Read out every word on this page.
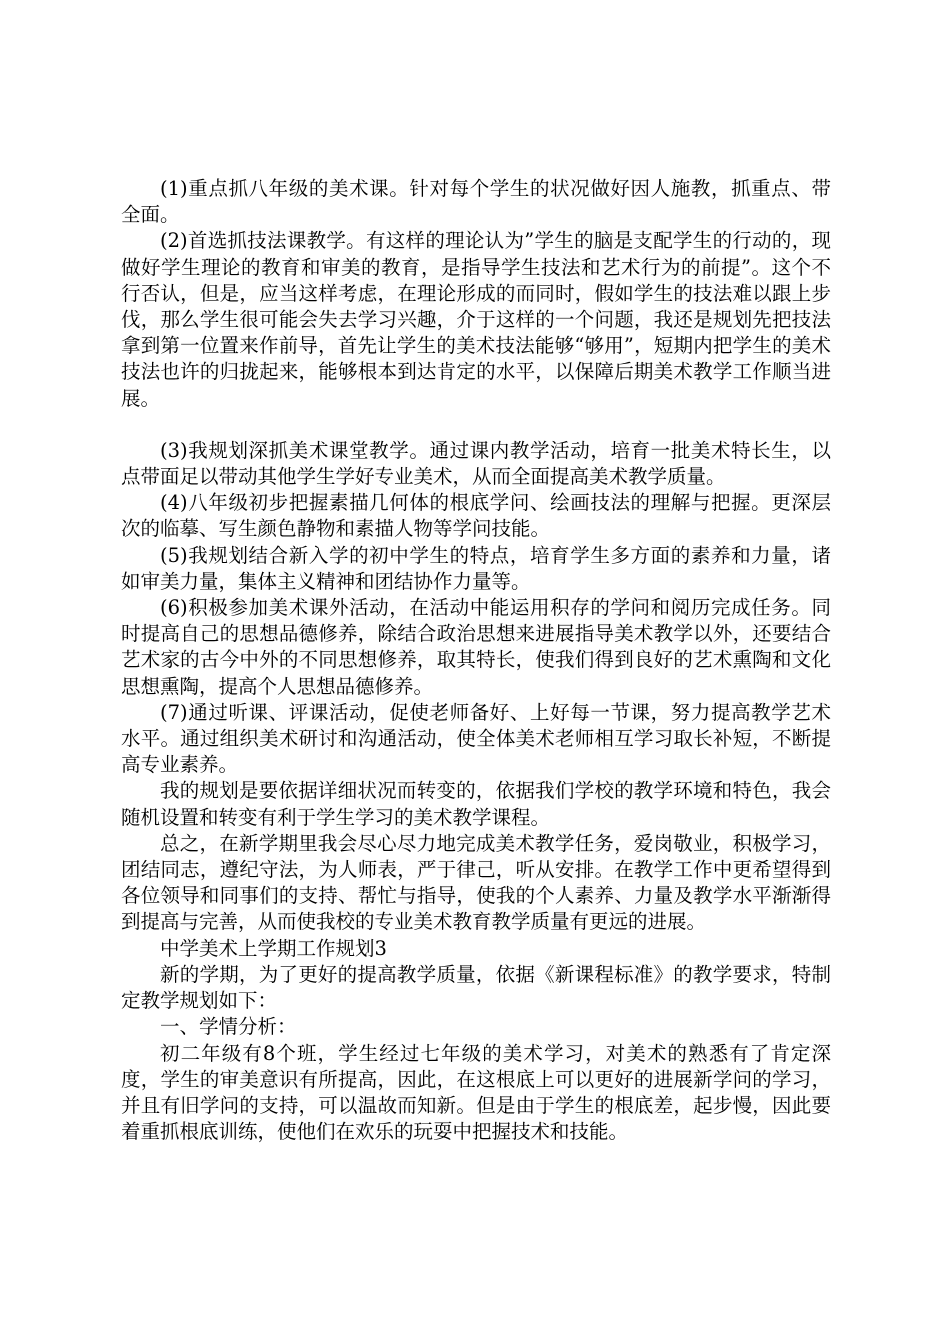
(1)重点抓八年级的美术课。针对每个学生的状况做好因人施教，抓重点、带全面。

(2)首选抓技法课教学。有这样的理论认为”学生的脑是支配学生的行动的，现做好学生理论的教育和审美的教育，是指导学生技法和艺术行为的前提”。这个不行否认，但是，应当这样考虑，在理论形成的而同时，假如学生的技法难以跟上步伐，那么学生很可能会失去学习兴趣，介于这样的一个问题，我还是规划先把技法拿到第一位置来作前导，首先让学生的美术技法能够“够用”，短期内把学生的美术技法也许的归拢起来，能够根本到达肯定的水平，以保障后期美术教学工作顺当进展。

(3)我规划深抓美术课堂教学。通过课内教学活动，培育一批美术特长生，以点带面足以带动其他学生学好专业美术，从而全面提高美术教学质量。

(4)八年级初步把握素描几何体的根底学问、绘画技法的理解与把握。更深层次的临摹、写生颜色静物和素描人物等学问技能。

(5)我规划结合新入学的初中学生的特点，培育学生多方面的素养和力量，诸如审美力量，集体主义精神和团结协作力量等。

(6)积极参加美术课外活动，在活动中能运用积存的学问和阅历完成任务。同时提高自己的思想品德修养，除结合政治思想来进展指导美术教学以外，还要结合艺术家的古今中外的不同思想修养，取其特长，使我们得到良好的艺术熏陶和文化思想熏陶，提高个人思想品德修养。

(7)通过听课、评课活动，促使老师备好、上好每一节课，努力提高教学艺术水平。通过组织美术研讨和沟通活动，使全体美术老师相互学习取长补短，不断提高专业素养。

我的规划是要依据详细状况而转变的，依据我们学校的教学环境和特色，我会随机设置和转变有利于学生学习的美术教学课程。

总之，在新学期里我会尽心尽力地完成美术教学任务，爱岗敬业，积极学习，团结同志，遵纪守法，为人师表，严于律己，听从安排。在教学工作中更希望得到各位领导和同事们的支持、帮忙与指导，使我的个人素养、力量及教学水平渐渐得到提高与完善，从而使我校的专业美术教育教学质量有更远的进展。

中学美术上学期工作规划3

新的学期，为了更好的提高教学质量，依据《新课程标准》的教学要求，特制定教学规划如下：

一、学情分析：

初二年级有8个班，学生经过七年级的美术学习，对美术的熟悉有了肯定深度，学生的审美意识有所提高，因此，在这根底上可以更好的进展新学问的学习，并且有旧学问的支持，可以温故而知新。但是由于学生的根底差，起步慢，因此要着重抓根底训练，使他们在欢乐的玩耍中把握技术和技能。
